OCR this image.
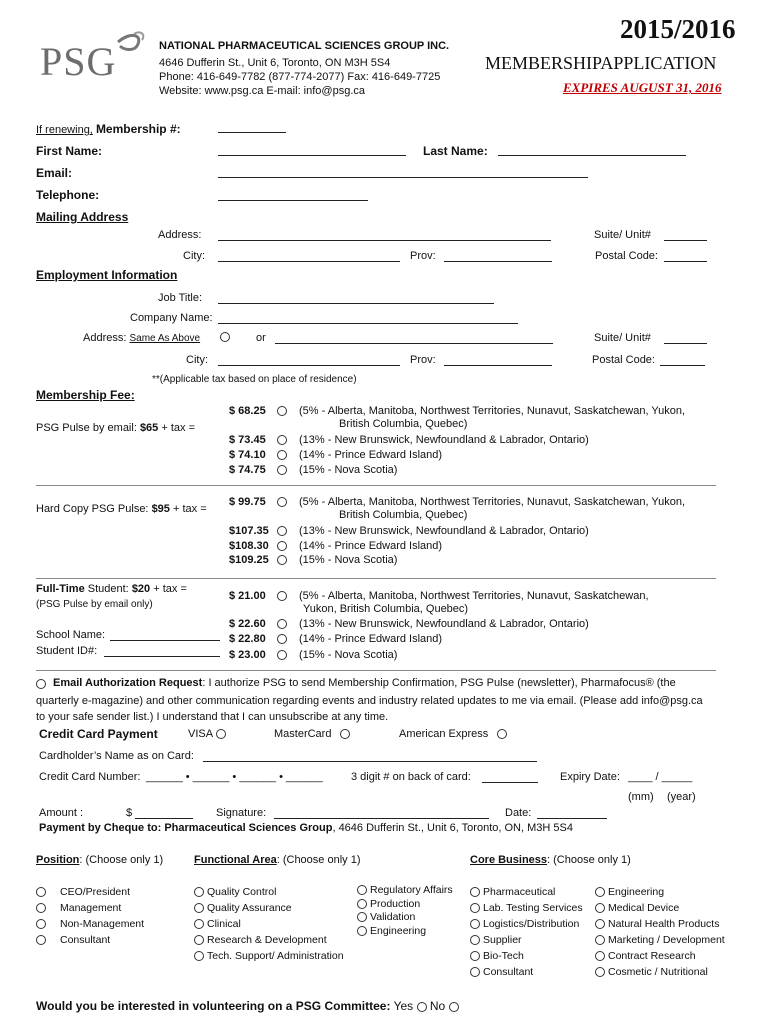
PSG	NATIONAL PHARMACEUTICAL SCIENCES GROUP INC.
4646 Dufferin St., Unit 6, Toronto, ON M3H 5S4
Phone: 416-649-7782 (877-774-2077) Fax: 416-649-7725
Website: www.psg.ca E-mail: info@psg.ca
2015/2016
MEMBERSHIPAPPLICATION
EXPIRES AUGUST 31, 2016
If renewing, Membership #:
First Name:	Last Name:
Email:
Telephone:
Mailing Address
Address:	Suite/ Unit#
City:	Prov:	Postal Code:
Employment Information
Job Title:
Company Name:
Address: Same As Above	or	Suite/ Unit#
City:	Prov:	Postal Code:
**(Applicable tax based on place of residence)
Membership Fee:
PSG Pulse by email: $65 + tax =
$ 68.25	(5% - Alberta, Manitoba, Northwest Territories, Nunavut, Saskatchewan, Yukon,
British Columbia, Quebec)
$ 73.45	(13% - New Brunswick, Newfoundland & Labrador, Ontario)
$ 74.10	(14% - Prince Edward Island)
$ 74.75	(15% - Nova Scotia)
Hard Copy PSG Pulse: $95 + tax =
$ 99.75	(5% - Alberta, Manitoba, Northwest Territories, Nunavut, Saskatchewan, Yukon,
British Columbia, Quebec)
$107.35	(13% - New Brunswick, Newfoundland & Labrador, Ontario)
$108.30	(14% - Prince Edward Island)
$109.25	(15% - Nova Scotia)
Full-Time Student: $20 + tax =
(PSG Pulse by email only)
School Name:
Student ID#:
$ 21.00	(5% - Alberta, Manitoba, Northwest Territories, Nunavut, Saskatchewan,
Yukon, British Columbia, Quebec)
$ 22.60	(13% - New Brunswick, Newfoundland & Labrador, Ontario)
$ 22.80	(14% - Prince Edward Island)
$ 23.00	(15% - Nova Scotia)
Email Authorization Request: I authorize PSG to send Membership Confirmation, PSG Pulse (newsletter), Pharmafocus® (the
quarterly e-magazine) and other communication regarding events and industry related updates to me via email. (Please add info@psg.ca
to your safe sender list.) I understand that I can unsubscribe at any time.
Credit Card Payment	VISA	MasterCard	American Express
Cardholder’s Name as on Card:
Credit Card Number: ______ • ______ • ______ • ______	3 digit # on back of card:	Expiry Date: ____ / _____
(mm) (year)
Amount :	$	Signature:	Date:
Payment by Cheque to: Pharmaceutical Sciences Group, 4646 Dufferin St., Unit 6, Toronto, ON, M3H 5S4
Position: (Choose only 1)	Functional Area: (Choose only 1)	Core Business: (Choose only 1)
CEO/President
Management
Non-Management
Consultant
Quality Control
Quality Assurance
Clinical
Research & Development
Tech. Support/ Administration
Regulatory Affairs
Production
Validation
Engineering
Pharmaceutical
Lab. Testing Services
Logistics/Distribution
Supplier
Bio-Tech
Consultant
Engineering
Medical Device
Natural Health Products
Marketing / Development
Contract Research
Cosmetic / Nutritional
Would you be interested in volunteering on a PSG Committee: Yes No
